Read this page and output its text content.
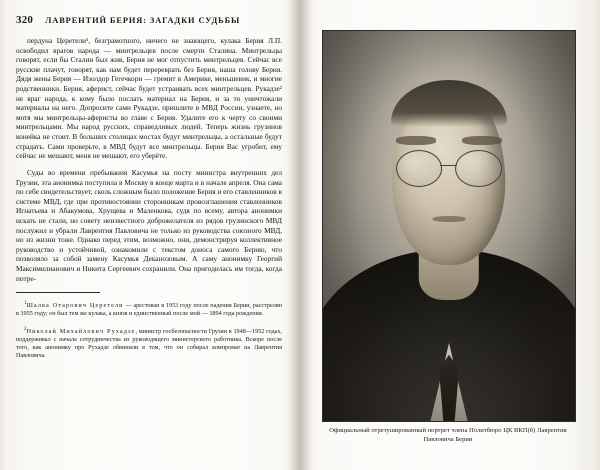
320 ЛАВРЕНТИЙ БЕРИЯ: ЗАГАДКИ СУДЬБЫ

пердуна Церетели¹, безграмотного, ничего не знающего, кулака Берия Л.П. освободил врагов народа — минтрельцев после смерти Сталина. Минтрельцы говорят, если бы Сталин был жив, Берия не мог отпустить минтрельцев. Сейчас все русские плачут, говорят, как нам будет перереврать без Берия, наша голову Берия. Дядя жены Берия — Изолдор Гегечкори — гремит в Америке, меньшевик, и многие родственники. Берия, аферист, сейчас будет устраивать всех минтрельцев. Рукадзе² не враг народа, к кому было послать материал на Берия, и за то уничтожали материалы на него. Допросите сами Рукадзе, пришлите в МВД России, узнаете, но мотя мы минтрельцы-аферисты во главе с Берия. Удалите его к черту со своими минтрельцами. Мы народ русских, справедливых людей. Теперь жизнь грузинов конейка не стоит. В больших столицах мостах будут минтрельцы, а остальные будут страдать. Сами проверьте, в МВД будут все минтрельцы. Берия Вас угробит, ему сейчас не мешают, меня не мешают, его уберёте.

Суды во времени пребывания Касумья на посту министра внутренних дел Грузии, эта анонимка поступила в Москву в конце марта и в начале апреля. Она сама по себе свидетельствует, сколь сложным было положение Берия и его ставленников в системе МВД, где при противостоянии сторонникам провозглашения ставленников Игнатьева и Абакумова, Хрущева и Маленкова, судя по всему, автора анонимки искать не стали, но совету неизвестного доброжелателя из рядов грузинского МВД послужил и убрали Лаврентия Павловича не только из руководства союзного МВД, но из жизни тоже. Однако перед этим, возможно, они, демонстрируя коллективное руководство и устойчивой, ознакомили с текстом доноса самого Берию, что позволяло за собой замену Касумья Деканозовым. А саму анонимку Георгий Максимилианович и Никита Сергеевич сохранили. Она пригодилась им тогда, когда потре-

$^1$Шалва Отарович Церетели — арестован в 1953 году после падения Берии, расстрелян в 1955 году; он был тем же кулака, а князя и единственный после мой — 1894 года рождения.

$^2$Николай Михайлович Рухадзе, министр госбезопасности Грузии в 1948—1952 годах, поддерживал с начала сотрудничества из руководящего министерского работника. Вскоре после того, как анонимку про Рухадзе обвинили в том, что он собирал компромат на Лаврентия Павловича.

Официальный отретушированный портрет члена Политбюро ЦК ВКП(б) Лаврентия Павловича Берии
